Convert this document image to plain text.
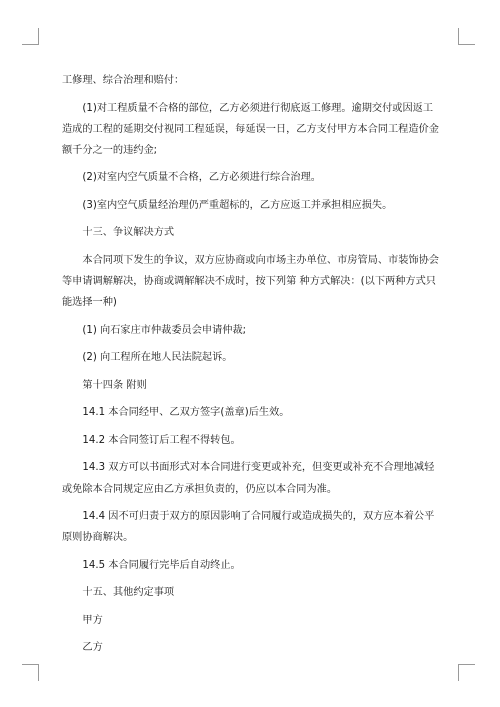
工修理、综合治理和赔付：

(1)对工程质量不合格的部位，乙方必须进行彻底返工修理。逾期交付或因返工造成的工程的延期交付视同工程延误，每延误一日，乙方支付甲方本合同工程造价金额千分之一的违约金;

(2)对室内空气质量不合格，乙方必须进行综合治理。

(3)室内空气质量经治理仍严重超标的，乙方应返工并承担相应损失。

十三、争议解决方式

本合同项下发生的争议，双方应协商或向市场主办单位、市房管局、市装饰协会等申请调解解决，协商或调解解决不成时，按下列第 种方式解决：(以下两种方式只能选择一种)

(1) 向石家庄市仲裁委员会申请仲裁;

(2) 向工程所在地人民法院起诉。

第十四条 附则

14.1 本合同经甲、乙双方签字(盖章)后生效。

14.2 本合同签订后工程不得转包。

14.3 双方可以书面形式对本合同进行变更或补充，但变更或补充不合理地减轻或免除本合同规定应由乙方承担负责的，仍应以本合同为准。

14.4 因不可归责于双方的原因影响了合同履行或造成损失的，双方应本着公平原则协商解决。

14.5 本合同履行完毕后自动终止。

十五、其他约定事项

甲方

乙方
